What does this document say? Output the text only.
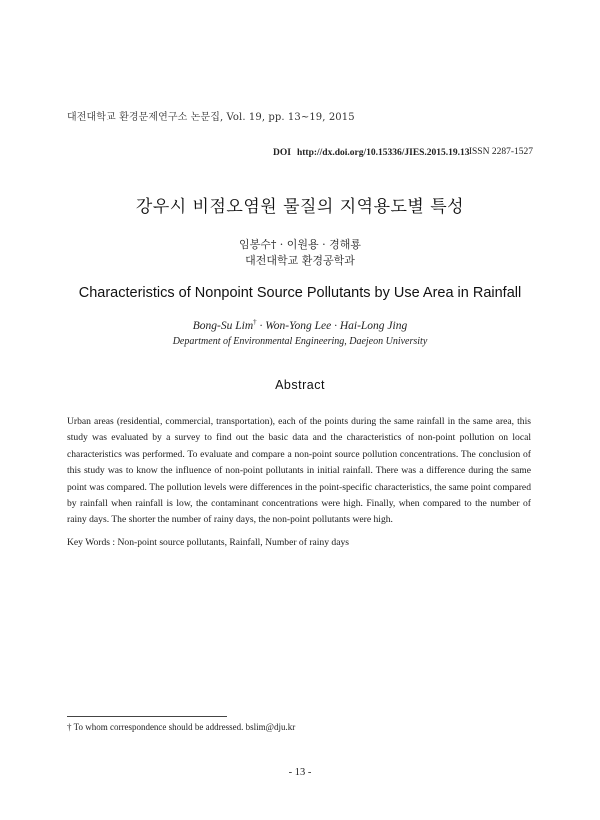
대전대학교 환경문제연구소 논문집, Vol. 19, pp. 13~19, 2015
DOI http://dx.doi.org/10.15336/JIES.2015.19.13 ISSN 2287-1527
강우시 비점오염원 물질의 지역용도별 특성
임봉수† · 이원용 · 경해룡
대전대학교 환경공학과
Characteristics of Nonpoint Source Pollutants by Use Area in Rainfall
Bong-Su Lim† · Won-Yong Lee · Hai-Long Jing
Department of Environmental Engineering, Daejeon University
Abstract
Urban areas (residential, commercial, transportation), each of the points during the same rainfall in the same area, this study was evaluated by a survey to find out the basic data and the characteristics of non-point pollution on local characteristics was performed. To evaluate and compare a non-point source pollution concentrations. The conclusion of this study was to know the influence of non-point pollutants in initial rainfall. There was a difference during the same point was compared. The pollution levels were differences in the point-specific characteristics, the same point compared by rainfall when rainfall is low, the contaminant concentrations were high. Finally, when compared to the number of rainy days. The shorter the number of rainy days, the non-point pollutants were high.
Key Words : Non-point source pollutants, Rainfall, Number of rainy days
† To whom correspondence should be addressed. bslim@dju.kr
- 13 -
